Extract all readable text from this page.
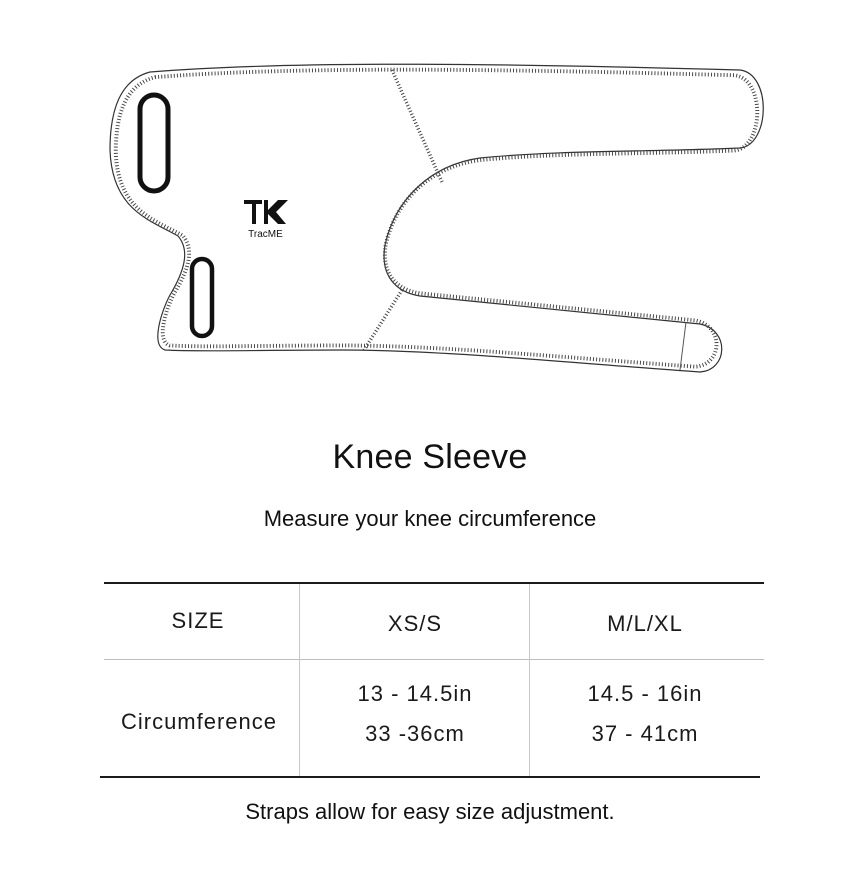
TracME
Knee Sleeve
Measure your knee circumference
SIZE	XS/S	M/L/XL
Circumference
13 - 14.5in
33 -36cm
14.5 - 16in
37 - 41cm
Straps allow for easy size adjustment.
